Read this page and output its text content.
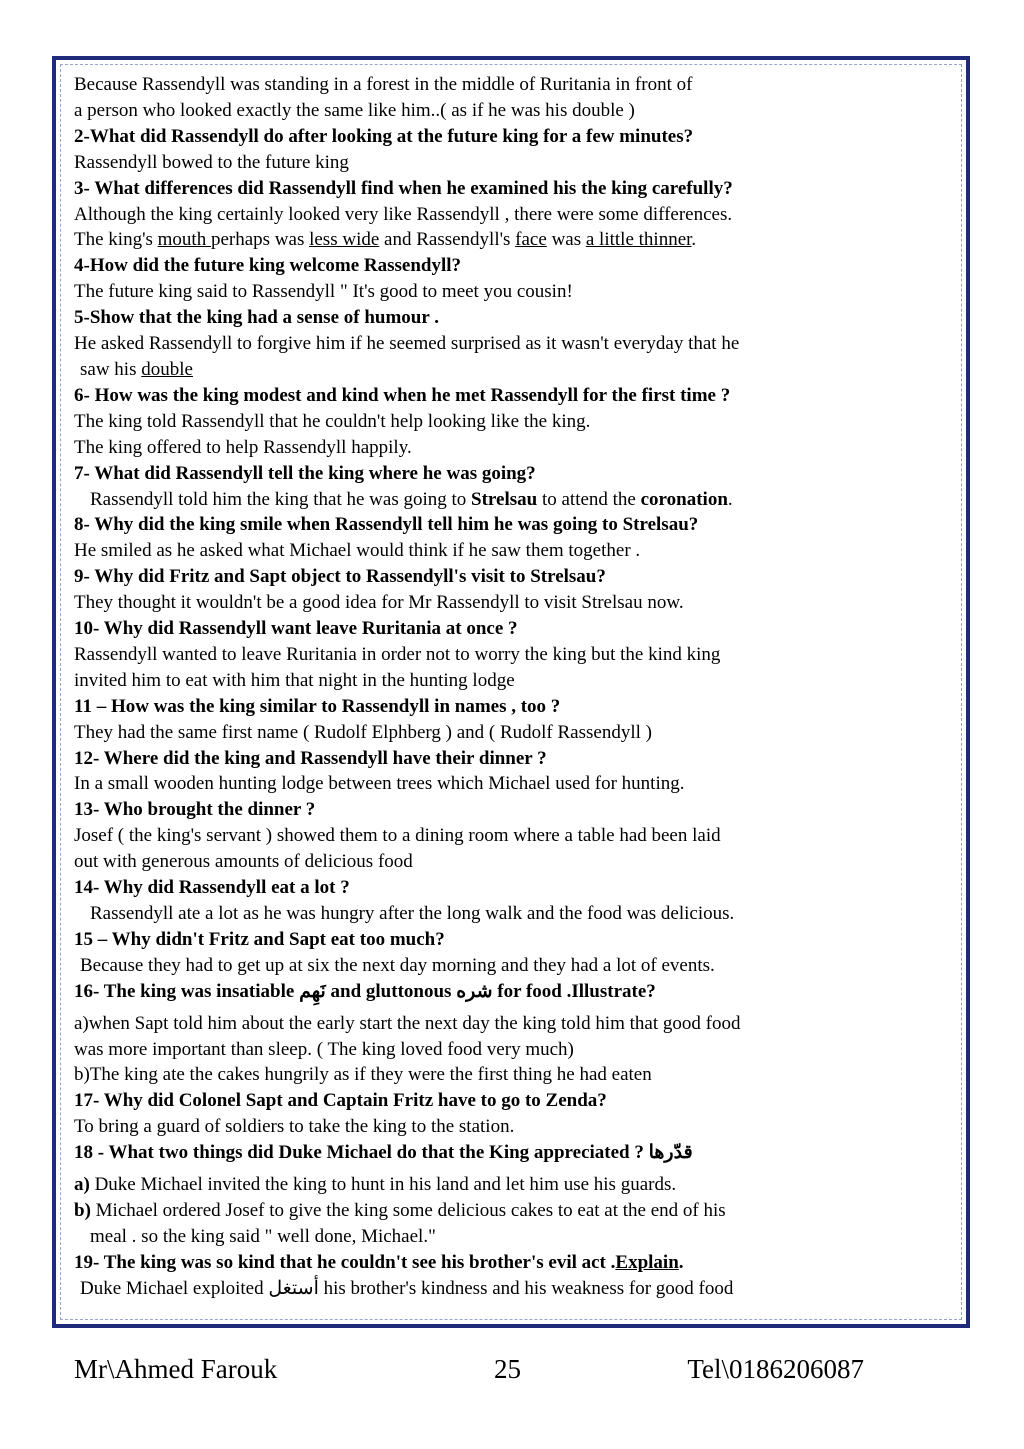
Because Rassendyll was standing in a forest in the middle of Ruritania in front of
a person who looked exactly the same like him..( as if he was his double )
2-What did Rassendyll do after looking at the future king for a few minutes?
Rassendyll bowed to the future king
3- What differences did Rassendyll find when he examined his the king carefully?
Although the king certainly looked very like Rassendyll , there were some differences.
The king's mouth perhaps was less wide and Rassendyll's face was a little thinner.
4-How did the future king welcome Rassendyll?
The future king said to Rassendyll " It's good to meet you cousin!
5-Show that the king had a sense of humour .
He asked Rassendyll to forgive him if he seemed surprised as it wasn't everyday that he
saw his double
6- How was the king modest and kind when he met Rassendyll for the first time ?
The king told Rassendyll that he couldn't help looking like the king.
The king offered to help Rassendyll happily.
7- What did Rassendyll tell the king where he was going?
Rassendyll told him the king that he was going to Strelsau to attend the coronation.
8- Why did the king smile when Rassendyll tell him he was going to Strelsau?
He smiled as he asked what Michael would think if he saw them together .
9- Why did Fritz and Sapt object to Rassendyll's visit to Strelsau?
They thought it wouldn't be a good idea for Mr Rassendyll to visit Strelsau now.
10- Why did Rassendyll want leave Ruritania at once ?
Rassendyll wanted to leave Ruritania in order not to worry the king but the kind king
invited him to eat with him that night in the hunting lodge
11 – How was the king similar to Rassendyll in names , too ?
They had the same first name ( Rudolf Elphberg ) and ( Rudolf Rassendyll )
12- Where did the king and Rassendyll have their dinner ?
In a small wooden hunting lodge between trees which Michael used for hunting.
13- Who brought the dinner ?
Josef ( the king's servant ) showed them to a dining room where a table had been laid
out with generous amounts of delicious food
14- Why did Rassendyll eat a lot ?
Rassendyll ate a lot as he was hungry after the long walk and the food was delicious.
15 – Why didn't Fritz and Sapt eat too much?
Because they had to get up at six the next day morning and they had a lot of events.
16- The king was insatiable نَهِم and gluttonous شره for food .Illustrate?
a)when Sapt told him about the early start the next day the king told him that good food
was more important than sleep. ( The king loved food very much)
b)The king ate the cakes hungrily as if they were the first thing he had eaten
17- Why did Colonel Sapt and Captain Fritz have to go to Zenda?
To bring a guard of soldiers to take the king to the station.
18 - What two things did Duke Michael do that the King appreciated ? قدّرها
a) Duke Michael invited the king to hunt in his land and let him use his guards.
b) Michael ordered Josef to give the king some delicious cakes to eat at the end of his
meal . so the king said " well done, Michael."
19- The king was so kind that he couldn't see his brother's evil act .Explain.
Duke Michael exploited أستغل his brother's kindness and his weakness for good food
Mr\Ahmed Farouk	25	Tel\0186206087
